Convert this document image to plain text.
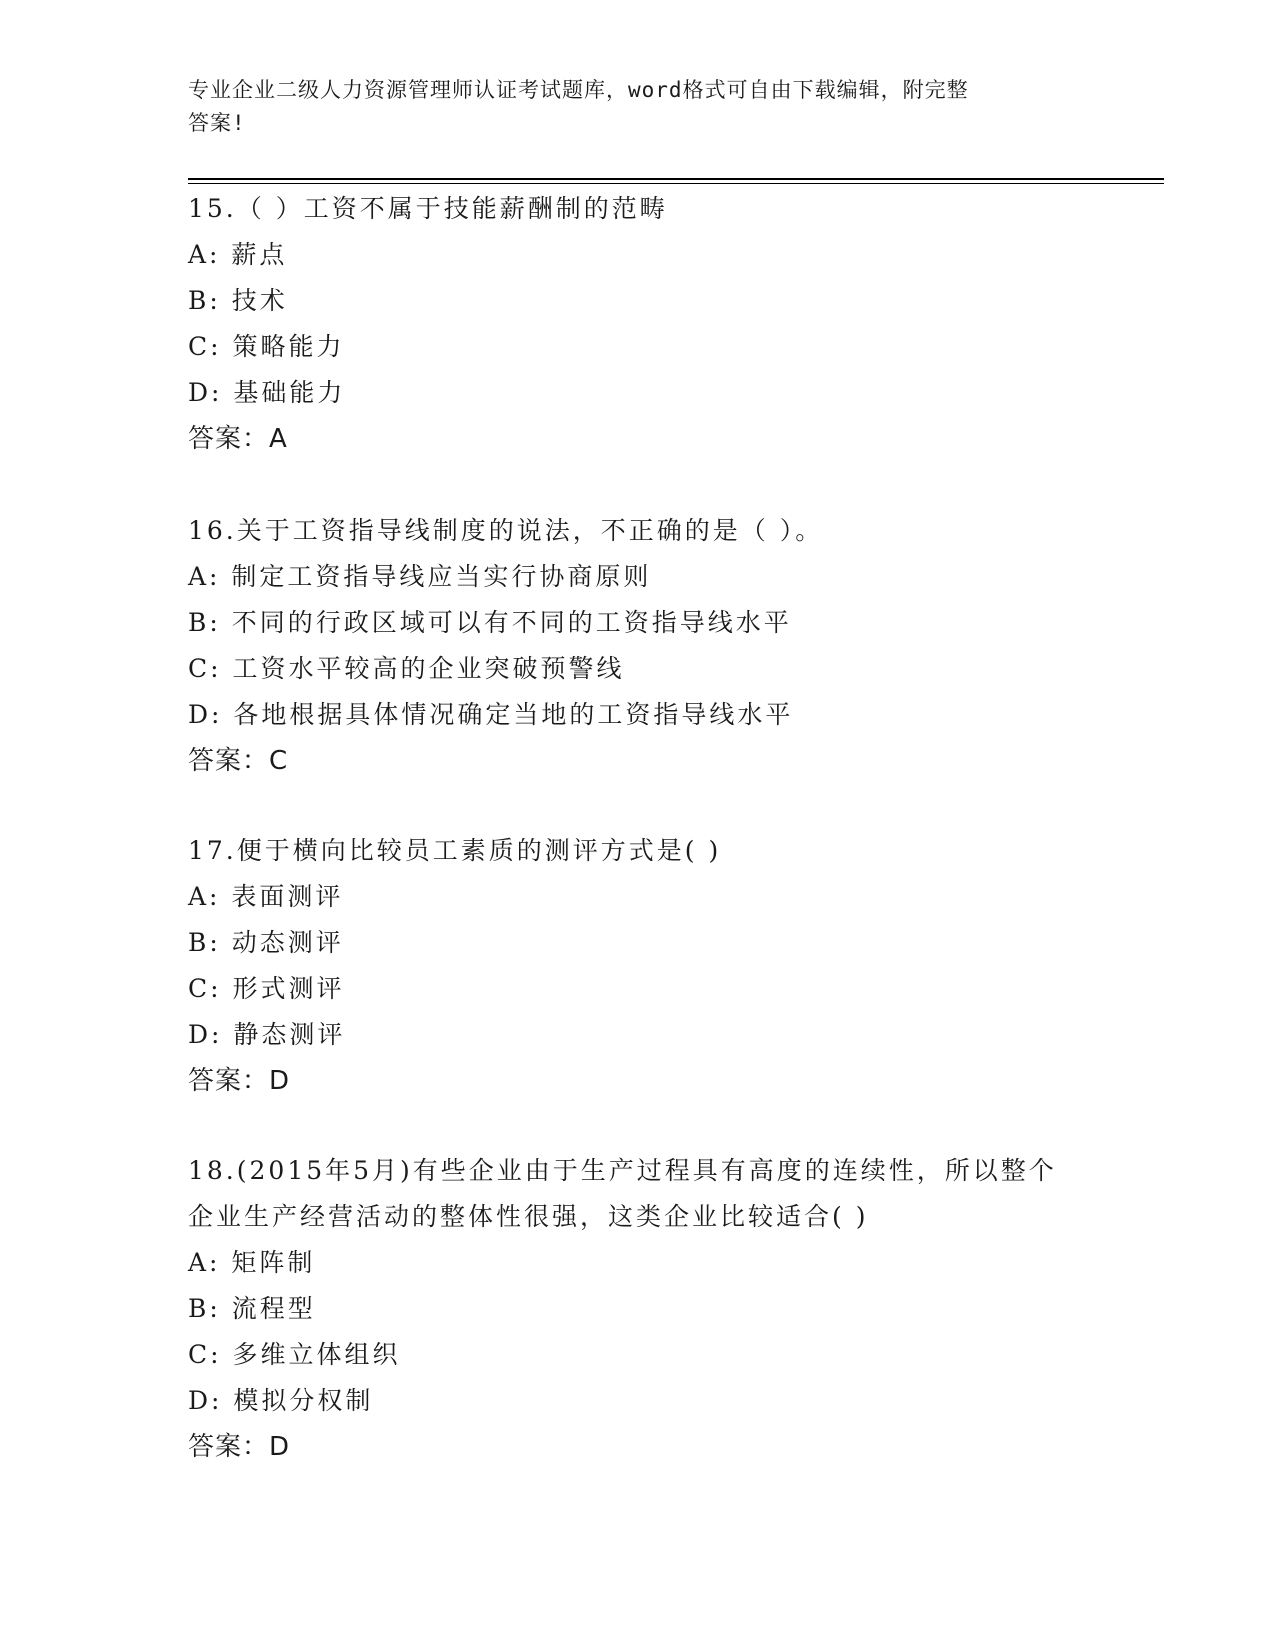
专业企业二级人力资源管理师认证考试题库，word格式可自由下载编辑，附完整
答案!
15.（ ）工资不属于技能薪酬制的范畴
A: 薪点
B: 技术
C: 策略能力
D: 基础能力
答案：A
16.关于工资指导线制度的说法，不正确的是（ ）。
A: 制定工资指导线应当实行协商原则
B: 不同的行政区域可以有不同的工资指导线水平
C: 工资水平较高的企业突破预警线
D: 各地根据具体情况确定当地的工资指导线水平
答案：C
17.便于横向比较员工素质的测评方式是( )
A: 表面测评
B: 动态测评
C: 形式测评
D: 静态测评
答案：D
18.(2015年5月)有些企业由于生产过程具有高度的连续性，所以整个
企业生产经营活动的整体性很强，这类企业比较适合( )
A: 矩阵制
B: 流程型
C: 多维立体组织
D: 模拟分权制
答案：D
